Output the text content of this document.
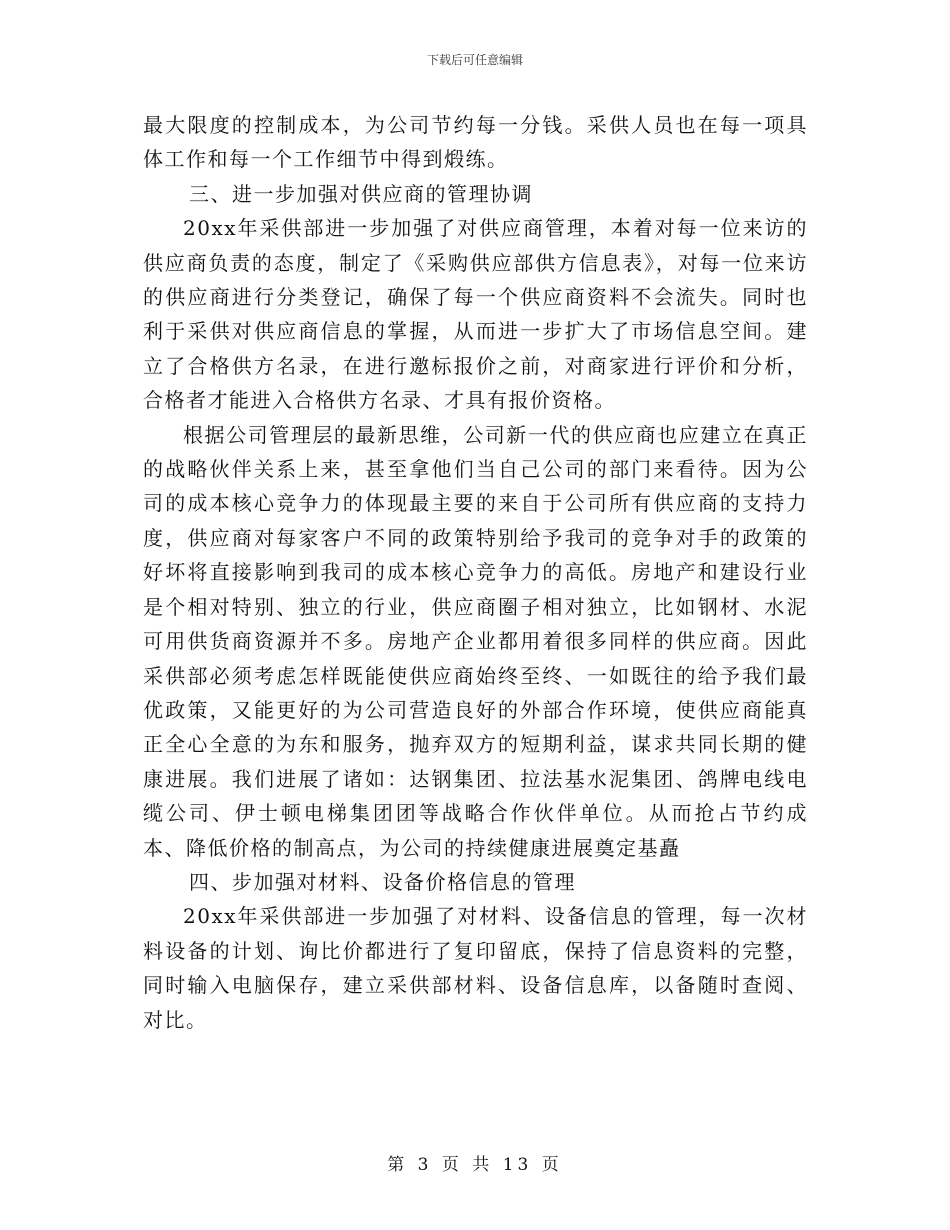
下载后可任意编辑

最大限度的控制成本，为公司节约每一分钱。采供人员也在每一项具体工作和每一个工作细节中得到煅练。

三、进一步加强对供应商的管理协调

20xx年采供部进一步加强了对供应商管理，本着对每一位来访的供应商负责的态度，制定了《采购供应部供方信息表》，对每一位来访的供应商进行分类登记，确保了每一个供应商资料不会流失。同时也利于采供对供应商信息的掌握，从而进一步扩大了市场信息空间。建立了合格供方名录，在进行邀标报价之前，对商家进行评价和分析，合格者才能进入合格供方名录、才具有报价资格。

根据公司管理层的最新思维，公司新一代的供应商也应建立在真正的战略伙伴关系上来，甚至拿他们当自己公司的部门来看待。因为公司的成本核心竞争力的体现最主要的来自于公司所有供应商的支持力度，供应商对每家客户不同的政策特别给予我司的竞争对手的政策的好坏将直接影响到我司的成本核心竞争力的高低。房地产和建设行业是个相对特别、独立的行业，供应商圈子相对独立，比如钢材、水泥可用供货商资源并不多。房地产企业都用着很多同样的供应商。因此采供部必须考虑怎样既能使供应商始终至终、一如既往的给予我们最优政策，又能更好的为公司营造良好的外部合作环境，使供应商能真正全心全意的为东和服务，抛弃双方的短期利益，谋求共同长期的健康进展。我们进展了诸如：达钢集团、拉法基水泥集团、鸽牌电线电缆公司、伊士顿电梯集团团等战略合作伙伴单位。从而抢占节约成本、降低价格的制高点，为公司的持续健康进展奠定基矗

四、步加强对材料、设备价格信息的管理

20xx年采供部进一步加强了对材料、设备信息的管理，每一次材料设备的计划、询比价都进行了复印留底，保持了信息资料的完整，同时输入电脑保存，建立采供部材料、设备信息库，以备随时查阅、对比。

第 3 页 共 13 页
